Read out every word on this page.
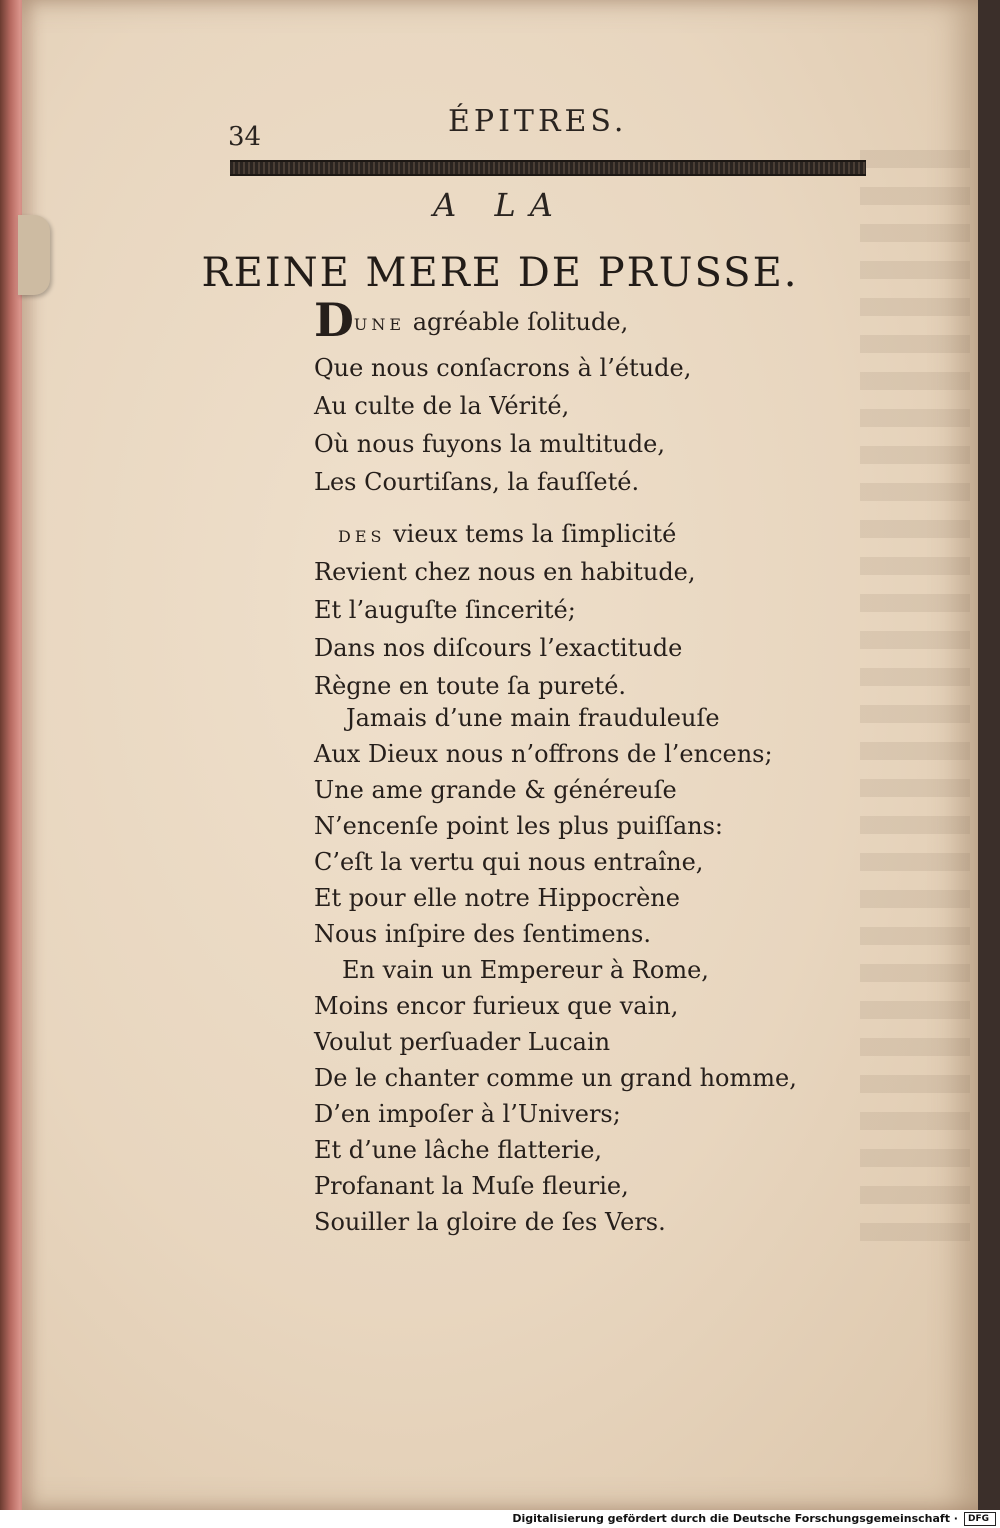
34	ÉPITRES.
A LA
REINE MERE DE PRUSSE.
DUNE agréable ſolitude,
Que nous conſacrons à l’étude,
Au culte de la Vérité,
Où nous fuyons la multitude,
Les Courtiſans, la fauſſeté.
DES vieux tems la ſimplicité
Revient chez nous en habitude,
Et l’auguſte ſincerité;
Dans nos diſcours l’exactitude
Règne en toute ſa pureté.
Jamais d’une main frauduleuſe
Aux Dieux nous n’offrons de l’encens;
Une ame grande & généreuſe
N’encenſe point les plus puiſſans:
C’eſt la vertu qui nous entraîne,
Et pour elle notre Hippocrène
Nous inſpire des ſentimens.
En vain un Empereur à Rome,
Moins encor furieux que vain,
Voulut perſuader Lucain
De le chanter comme un grand homme,
D’en impoſer à l’Univers;
Et d’une lâche flatterie,
Profanant la Muſe fleurie,
Souiller la gloire de ſes Vers.
Digitalisierung gefördert durch die Deutsche Forschungsgemeinschaft · DFG
